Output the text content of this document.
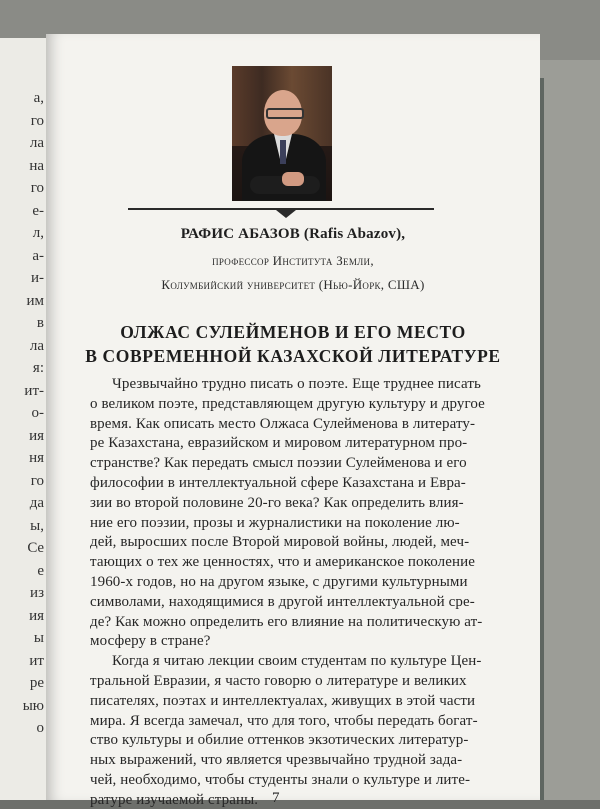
а,
го
ла
на
го
е-
л,
а-
и-
им
в
ла
я:
ит-
о-
ия
ня
го
да
ы,
Ce
е
из
ия
ы
ит
ре
ыю
о
РАФИС АБАЗОВ (Rafis Abazov),
профессор Института Земли,
Колумбийский университет (Нью-Йорк, США)
ОЛЖАС СУЛЕЙМЕНОВ И ЕГО МЕСТО
В СОВРЕМЕННОЙ КАЗАХСКОЙ ЛИТЕРАТУРЕ
Чрезвычайно трудно писать о поэте. Еще труднее писать
о великом поэте, представляющем другую культуру и другое
время. Как описать место Олжаса Сулейменова в литерату-
ре Казахстана, евразийском и мировом литературном про-
странстве? Как передать смысл поэзии Сулейменова и его
философии в интеллектуальной сфере Казахстана и Евра-
зии во второй половине 20-го века? Как определить влия-
ние его поэзии, прозы и журналистики на поколение лю-
дей, выросших после Второй мировой войны, людей, меч-
тающих о тех же ценностях, что и американское поколение
1960-х годов, но на другом языке, с другими культурными
символами, находящимися в другой интеллектуальной сре-
де? Как можно определить его влияние на политическую ат-
мосферу в стране?
Когда я читаю лекции своим студентам по культуре Цен-
тральной Евразии, я часто говорю о литературе и великих
писателях, поэтах и интеллектуалах, живущих в этой части
мира. Я всегда замечал, что для того, чтобы передать богат-
ство культуры и обилие оттенков экзотических литератур-
ных выражений, что является чрезвычайно трудной зада-
чей, необходимо, чтобы студенты знали о культуре и лите-
ратуре изучаемой страны. 7
